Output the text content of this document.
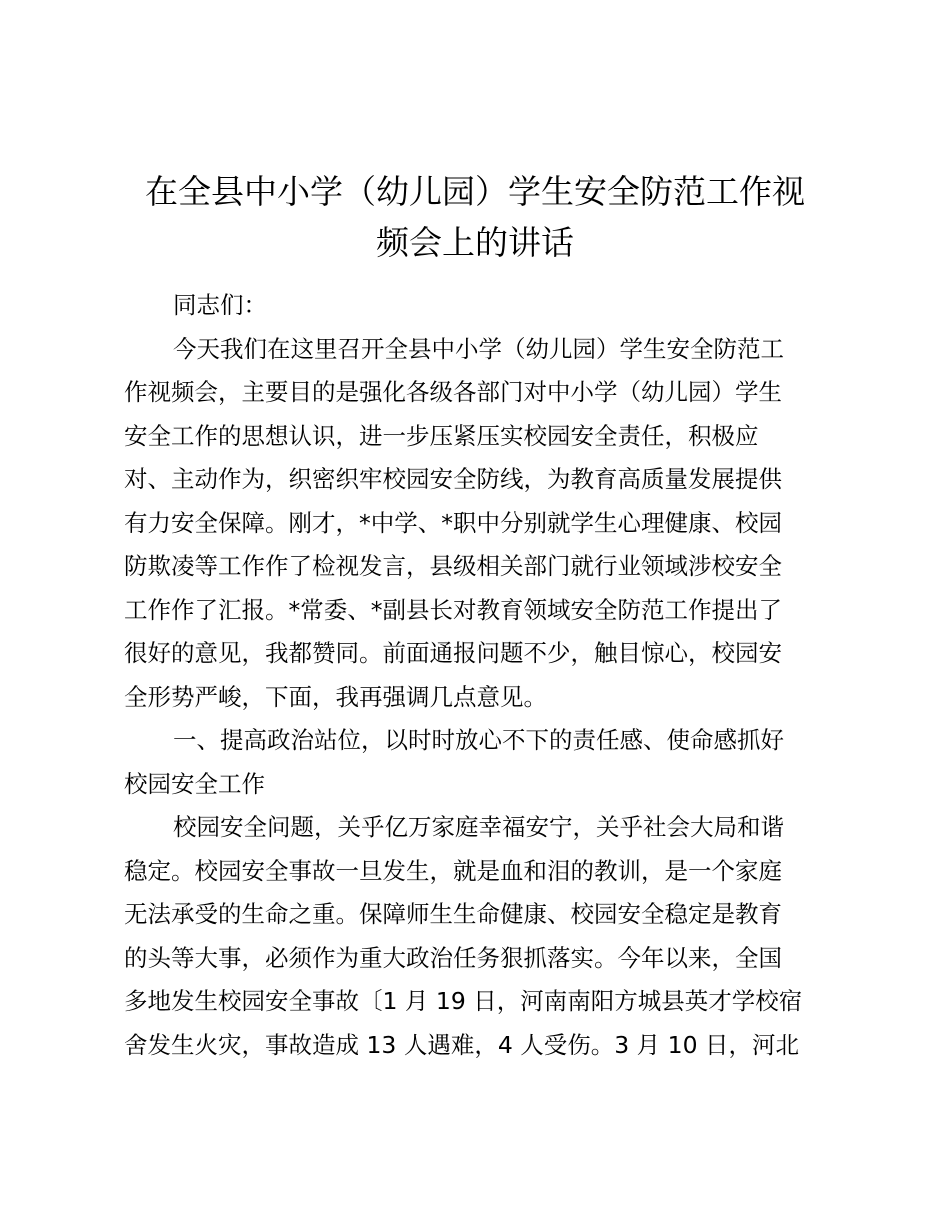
在全县中小学（幼儿园）学生安全防范工作视
频会上的讲话
同志们：
今天我们在这里召开全县中小学（幼儿园）学生安全防范工
作视频会，主要目的是强化各级各部门对中小学（幼儿园）学生
安全工作的思想认识，进一步压紧压实校园安全责任，积极应
对、主动作为，织密织牢校园安全防线，为教育高质量发展提供
有力安全保障。刚才，*中学、*职中分别就学生心理健康、校园
防欺凌等工作作了检视发言，县级相关部门就行业领域涉校安全
工作作了汇报。*常委、*副县长对教育领域安全防范工作提出了
很好的意见，我都赞同。前面通报问题不少，触目惊心，校园安
全形势严峻，下面，我再强调几点意见。
一、提高政治站位，以时时放心不下的责任感、使命感抓好
校园安全工作
校园安全问题，关乎亿万家庭幸福安宁，关乎社会大局和谐
稳定。校园安全事故一旦发生，就是血和泪的教训，是一个家庭
无法承受的生命之重。保障师生生命健康、校园安全稳定是教育
的头等大事，必须作为重大政治任务狠抓落实。今年以来，全国
多地发生校园安全事故〔1 月 19 日，河南南阳方城县英才学校宿
舍发生火灾，事故造成 13 人遇难，4 人受伤。3 月 10 日，河北
